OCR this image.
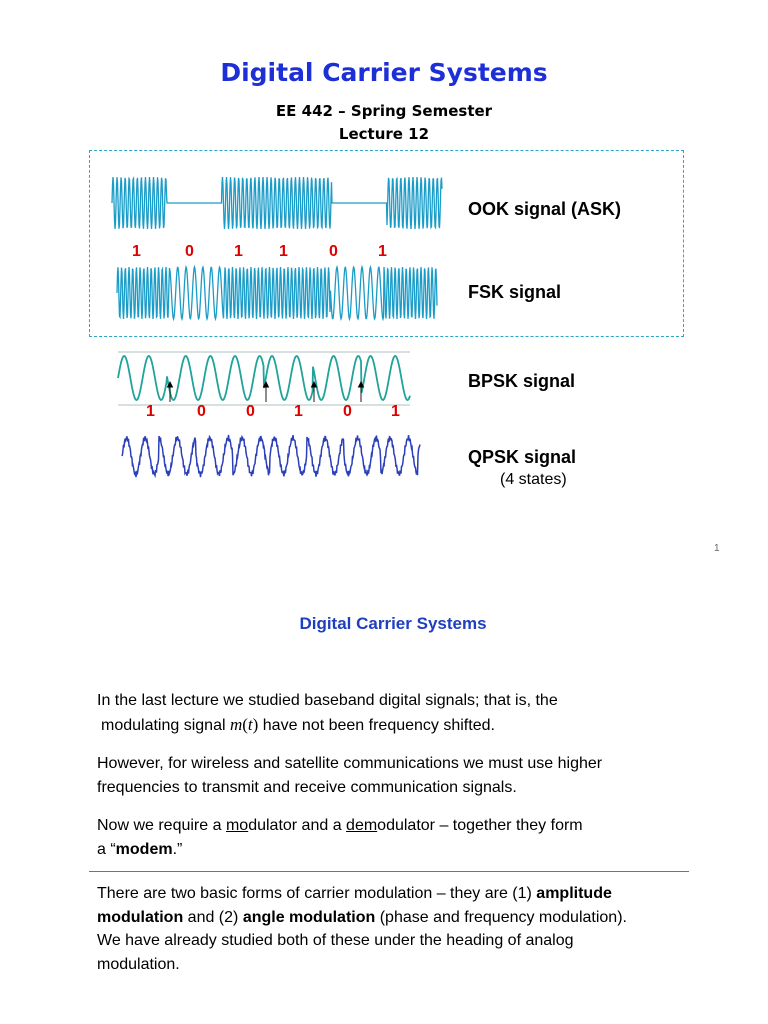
Digital Carrier Systems
EE 442 – Spring Semester
Lecture 12
OOK signal (ASK)
1	0	1 1	0	1
FSK signal
BPSK signal
1	0	0 1	0 1
QPSK signal
(4 states)
1
Digital Carrier Systems
In the last lecture we studied baseband digital signals; that is, the
modulating signal m(t) have not been frequency shifted.
However, for wireless and satellite communications we must use higher
frequencies to transmit and receive communication signals.
Now we require a modulator and a demodulator – together they form
a “modem.”
There are two basic forms of carrier modulation – they are (1) amplitude
modulation and (2) angle modulation (phase and frequency modulation).
We have already studied both of these under the heading of analog
modulation.
